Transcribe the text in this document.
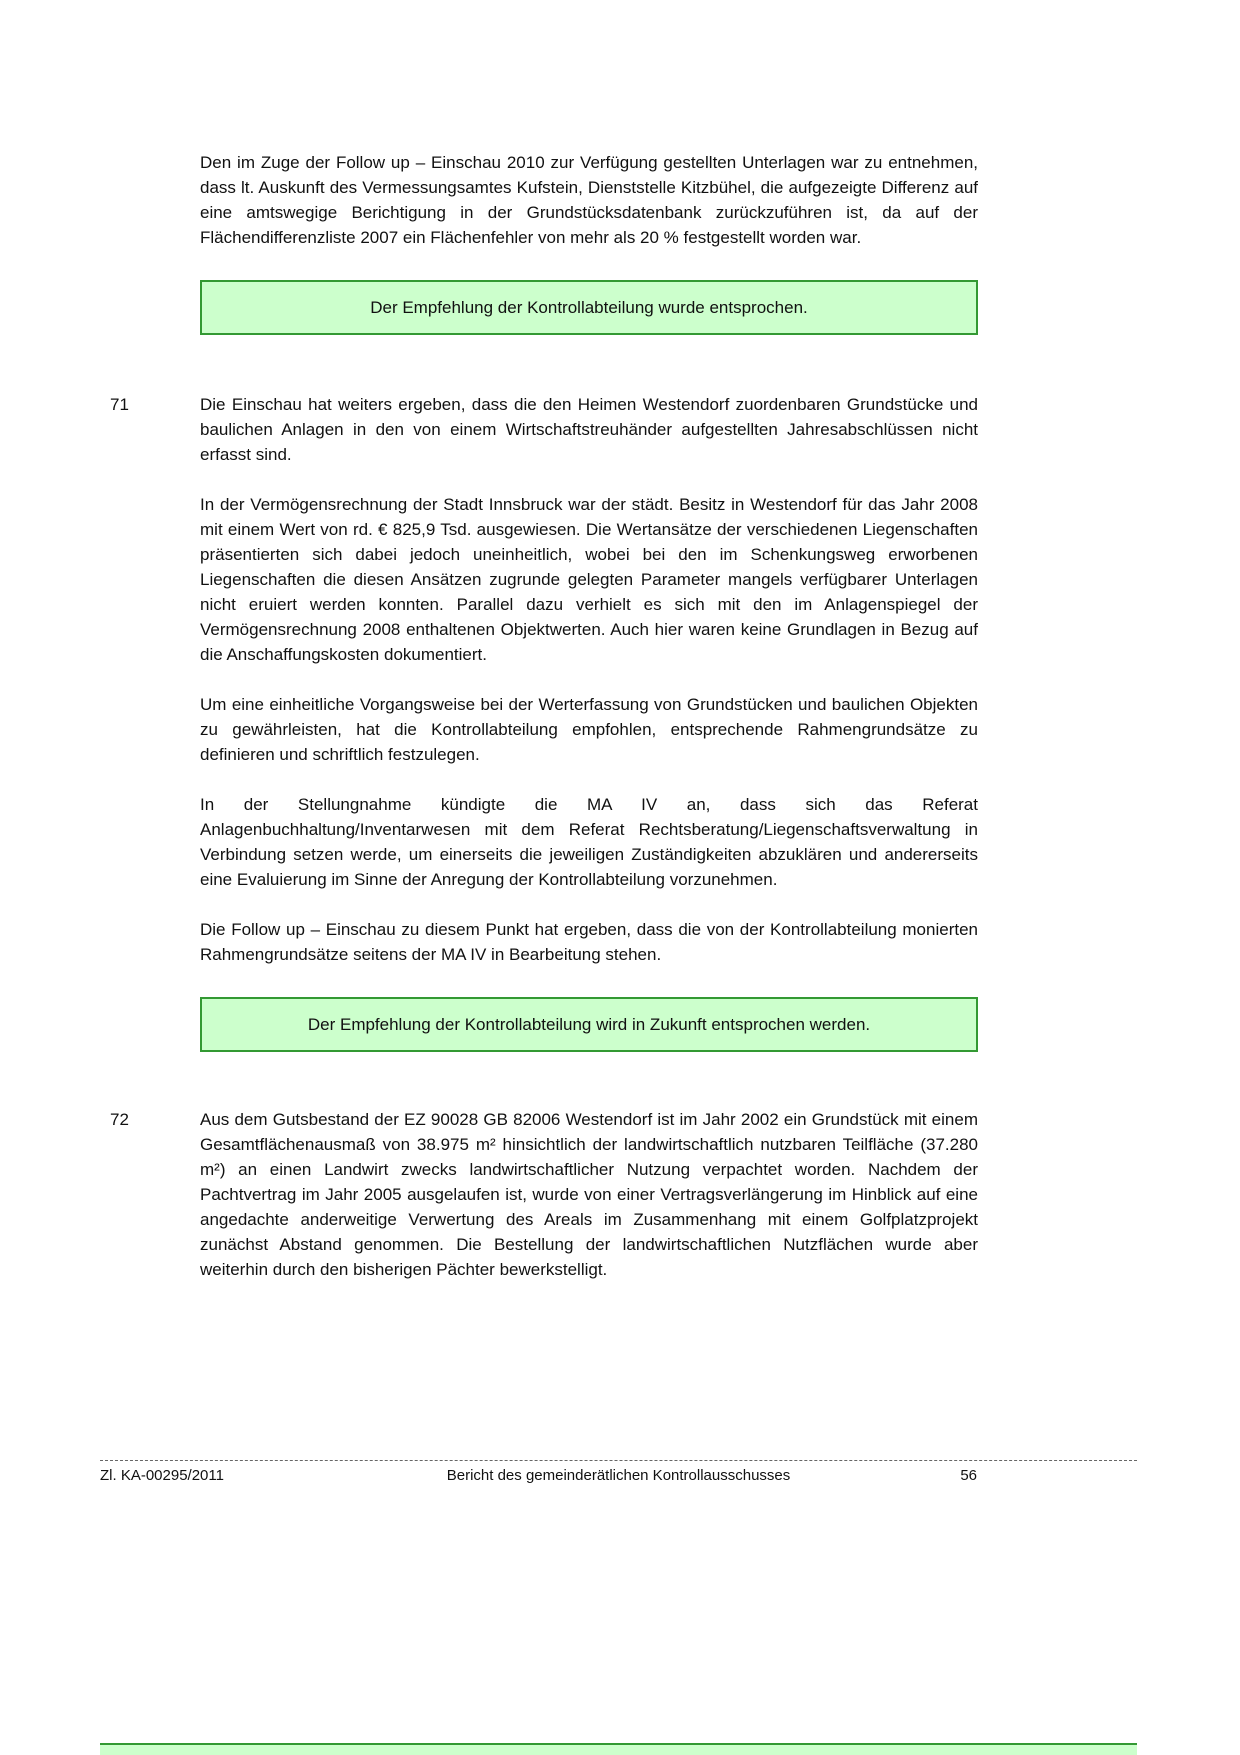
Den im Zuge der Follow up – Einschau 2010 zur Verfügung gestellten Unterlagen war zu entnehmen, dass lt. Auskunft des Vermessungsamtes Kufstein, Dienststelle Kitzbühel, die aufgezeigte Differenz auf eine amtswegige Berichtigung in der Grundstücksdatenbank zurückzuführen ist, da auf der Flächendifferenzliste 2007 ein Flächenfehler von mehr als 20 % festgestellt worden war.

Der Empfehlung der Kontrollabteilung wurde entsprochen.
71	Die Einschau hat weiters ergeben, dass die den Heimen Westendorf zuordenbaren Grundstücke und baulichen Anlagen in den von einem Wirtschaftstreuhänder aufgestellten Jahresabschlüssen nicht erfasst sind.

In der Vermögensrechnung der Stadt Innsbruck war der städt. Besitz in Westendorf für das Jahr 2008 mit einem Wert von rd. € 825,9 Tsd. ausgewiesen. Die Wertansätze der verschiedenen Liegenschaften präsentierten sich dabei jedoch uneinheitlich, wobei bei den im Schenkungsweg erworbenen Liegenschaften die diesen Ansätzen zugrunde gelegten Parameter mangels verfügbarer Unterlagen nicht eruiert werden konnten. Parallel dazu verhielt es sich mit den im Anlagenspiegel der Vermögensrechnung 2008 enthaltenen Objektwerten. Auch hier waren keine Grundlagen in Bezug auf die Anschaffungskosten dokumentiert.

Um eine einheitliche Vorgangsweise bei der Werterfassung von Grundstücken und baulichen Objekten zu gewährleisten, hat die Kontrollabteilung empfohlen, entsprechende Rahmengrundsätze zu definieren und schriftlich festzulegen.

In der Stellungnahme kündigte die MA IV an, dass sich das Referat Anlagenbuchhaltung/Inventarwesen mit dem Referat Rechtsberatung/Liegenschaftsverwaltung in Verbindung setzen werde, um einerseits die jeweiligen Zuständigkeiten abzuklären und andererseits eine Evaluierung im Sinne der Anregung der Kontrollabteilung vorzunehmen.

Die Follow up – Einschau zu diesem Punkt hat ergeben, dass die von der Kontrollabteilung monierten Rahmengrundsätze seitens der MA IV in Bearbeitung stehen.

Der Empfehlung der Kontrollabteilung wird in Zukunft entsprochen werden.
72	Aus dem Gutsbestand der EZ 90028 GB 82006 Westendorf ist im Jahr 2002 ein Grundstück mit einem Gesamtflächenausmaß von 38.975 m² hinsichtlich der landwirtschaftlich nutzbaren Teilfläche (37.280 m²) an einen Landwirt zwecks landwirtschaftlicher Nutzung verpachtet worden. Nachdem der Pachtvertrag im Jahr 2005 ausgelaufen ist, wurde von einer Vertragsverlängerung im Hinblick auf eine angedachte anderweitige Verwertung des Areals im Zusammenhang mit einem Golfplatzprojekt zunächst Abstand genommen. Die Bestellung der landwirtschaftlichen Nutzflächen wurde aber weiterhin durch den bisherigen Pächter bewerkstelligt.

Zl. KA-00295/2011	Bericht des gemeinderätlichen Kontrollausschusses	56
